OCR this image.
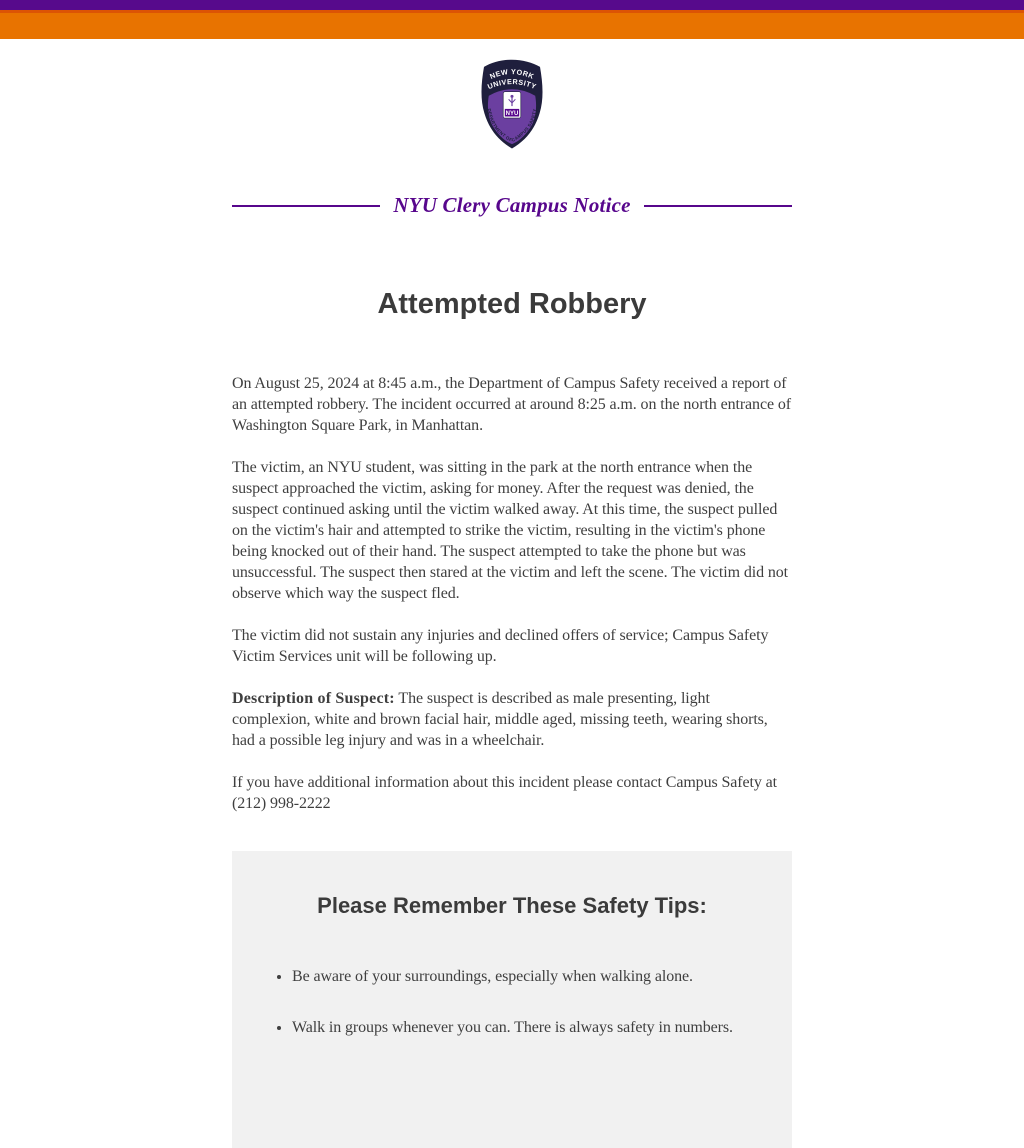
NEW YORK
UNIVERSITY
DEPARTMENT OF CAMPUS SAFETY
NYU
NYU Clery Campus Notice
Attempted Robbery

On August 25, 2024 at 8:45 a.m., the Department of Campus Safety received a report of an attempted robbery. The incident occurred at around 8:25 a.m. on the north entrance of Washington Square Park, in Manhattan.

The victim, an NYU student, was sitting in the park at the north entrance when the suspect approached the victim, asking for money. After the request was denied, the suspect continued asking until the victim walked away. At this time, the suspect pulled on the victim's hair and attempted to strike the victim, resulting in the victim's phone being knocked out of their hand. The suspect attempted to take the phone but was unsuccessful. The suspect then stared at the victim and left the scene. The victim did not observe which way the suspect fled.

The victim did not sustain any injuries and declined offers of service; Campus Safety Victim Services unit will be following up.

Description of Suspect: The suspect is described as male presenting, light complexion, white and brown facial hair, middle aged, missing teeth, wearing shorts, had a possible leg injury and was in a wheelchair.

If you have additional information about this incident please contact Campus Safety at (212) 998-2222

Please Remember These Safety Tips:
• Be aware of your surroundings, especially when walking alone.
• Walk in groups whenever you can. There is always safety in numbers.
